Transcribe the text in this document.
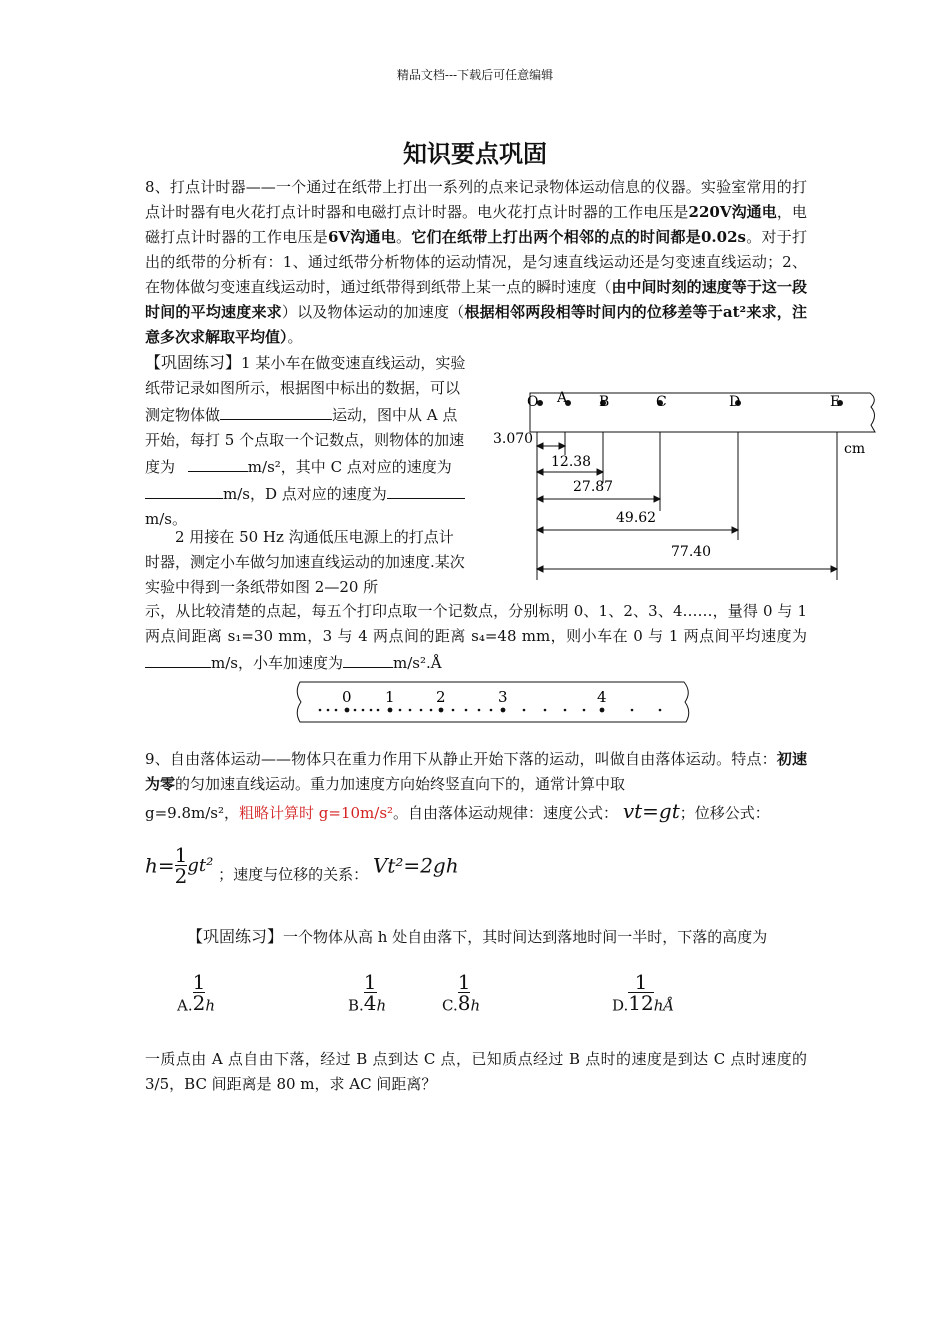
精品文档---下载后可任意编辑
知识要点巩固
8、打点计时器——一个通过在纸带上打出一系列的点来记录物体运动信息的仪器。实验室常用的打点计时器有电火花打点计时器和电磁打点计时器。电火花打点计时器的工作电压是220V沟通电，电磁打点计时器的工作电压是6V沟通电。它们在纸带上打出两个相邻的点的时间都是0.02s。对于打出的纸带的分析有：1、通过纸带分析物体的运动情况，是匀速直线运动还是匀变速直线运动；2、在物体做匀变速直线运动时，通过纸带得到纸带上某一点的瞬时速度（由中间时刻的速度等于这一段时间的平均速度来求）以及物体运动的加速度（根据相邻两段相等时间内的位移差等于at²来求，注意多次求解取平均值）。
【巩固练习】1 某小车在做变速直线运动，实验纸带记录如图所示，根据图中标出的数据，可以测定物体做	运动，图中从 A 点开始，每打 5 个点取一个记数点，则物体的加速度为	m/s²，其中 C 点对应的速度为m/s，D 点对应的速度为m/s。
O A B	C	D	E
3.070
12.38
27.87
49.62
77.40
cm
2 用接在 50 Hz 沟通低压电源上的打点计时器，测定小车做匀加速直线运动的加速度.某次实验中得到一条纸带如图 2—20 所
示，从比较清楚的点起，每五个打印点取一个记数点，分别标明 0、1、2、3、4……，量得 0 与 1 两点间距离 s₁=30 mm，3 与 4 两点间的距离 s₄=48 mm，则小车在 0 与 1 两点间平均速度为m/s，小车加速度为	m/s².Å
0 1	2	3	4
9、自由落体运动——物体只在重力作用下从静止开始下落的运动，叫做自由落体运动。特点：初速为零的匀加速直线运动。重力加速度方向始终竖直向下的，通常计算中取
g=9.8m/s²，粗略计算时 g=10m/s²。自由落体运动规律：速度公式： vt=gt；位移公式：
$h= \frac{1}{2} gt^2$ ；速度与位移的关系： Vt²=2gh
【巩固练习】一个物体从高 h 处自由落下，其时间达到落地时间一半时，下落的高度为
A. $\frac{1}{2}$ h	B. $\frac{1}{4}$ h	C. $\frac{1}{8}$ h	D. $\frac{1}{12}$ hÅ
一质点由 A 点自由下落，经过 B 点到达 C 点，已知质点经过 B 点时的速度是到达 C 点时速度的 3/5，BC 间距离是 80 m，求 AC 间距离？
